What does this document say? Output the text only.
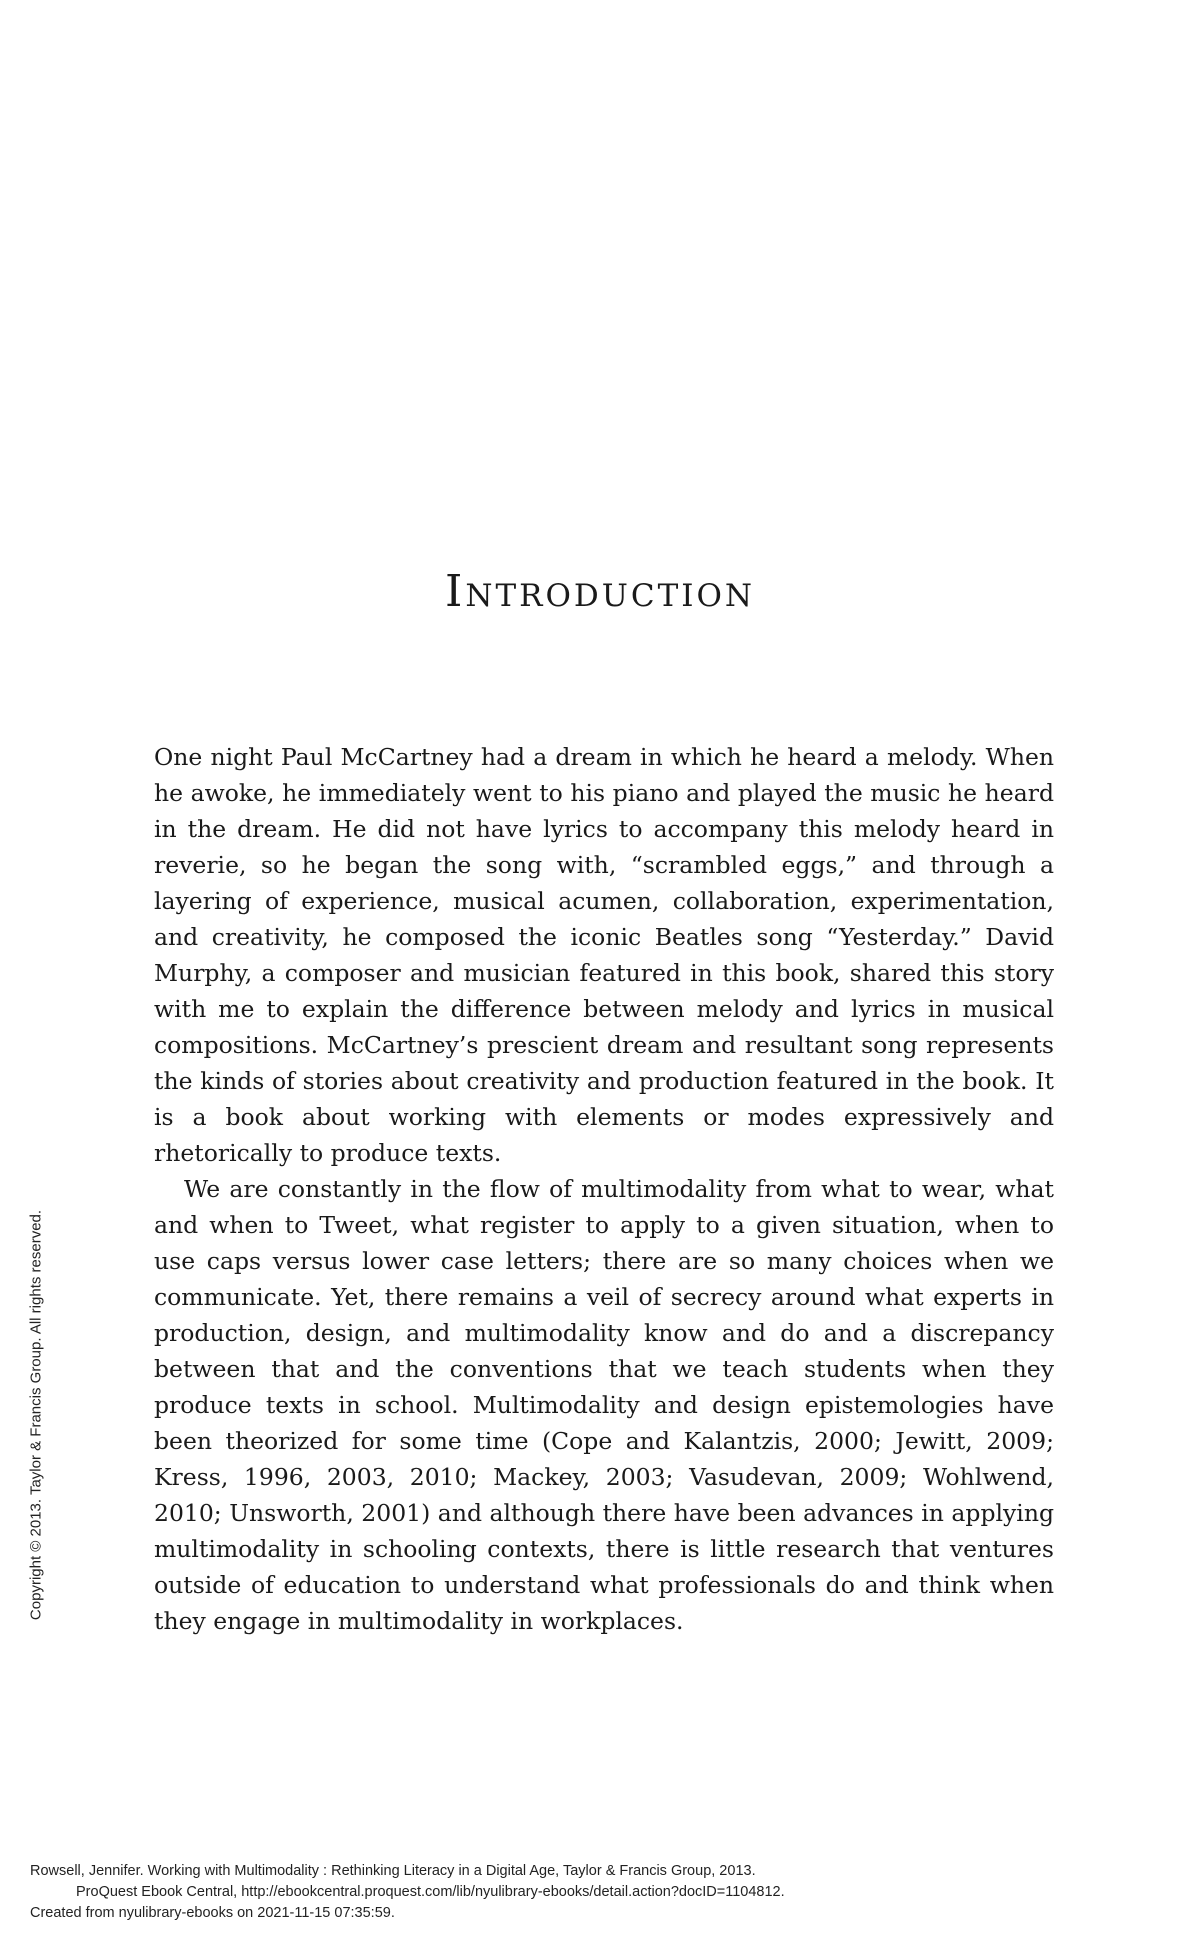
Introduction

One night Paul McCartney had a dream in which he heard a melody. When he awoke, he immediately went to his piano and played the music he heard in the dream. He did not have lyrics to accompany this melody heard in reverie, so he began the song with, “scrambled eggs,” and through a layering of experience, musical acumen, collaboration, experimentation, and creativity, he composed the iconic Beatles song “Yesterday.” David Murphy, a composer and musician featured in this book, shared this story with me to explain the difference between melody and lyrics in musical compositions. McCartney’s prescient dream and resultant song represents the kinds of stories about creativity and production featured in the book. It is a book about working with elements or modes expressively and rhetorically to produce texts.

We are constantly in the flow of multimodality from what to wear, what and when to Tweet, what register to apply to a given situation, when to use caps versus lower case letters; there are so many choices when we communicate. Yet, there remains a veil of secrecy around what experts in production, design, and multimodality know and do and a discrepancy between that and the conventions that we teach students when they produce texts in school. Multimodality and design epistemologies have been theorized for some time (Cope and Kalantzis, 2000; Jewitt, 2009; Kress, 1996, 2003, 2010; Mackey, 2003; Vasudevan, 2009; Wohlwend, 2010; Unsworth, 2001) and although there have been advances in applying multimodality in schooling contexts, there is little research that ventures outside of education to understand what professionals do and think when they engage in multimodality in workplaces.

Copyright © 2013. Taylor & Francis Group. All rights reserved.
Rowsell, Jennifer. Working with Multimodality : Rethinking Literacy in a Digital Age, Taylor & Francis Group, 2013.
ProQuest Ebook Central, http://ebookcentral.proquest.com/lib/nyulibrary-ebooks/detail.action?docID=1104812.
Created from nyulibrary-ebooks on 2021-11-15 07:35:59.
